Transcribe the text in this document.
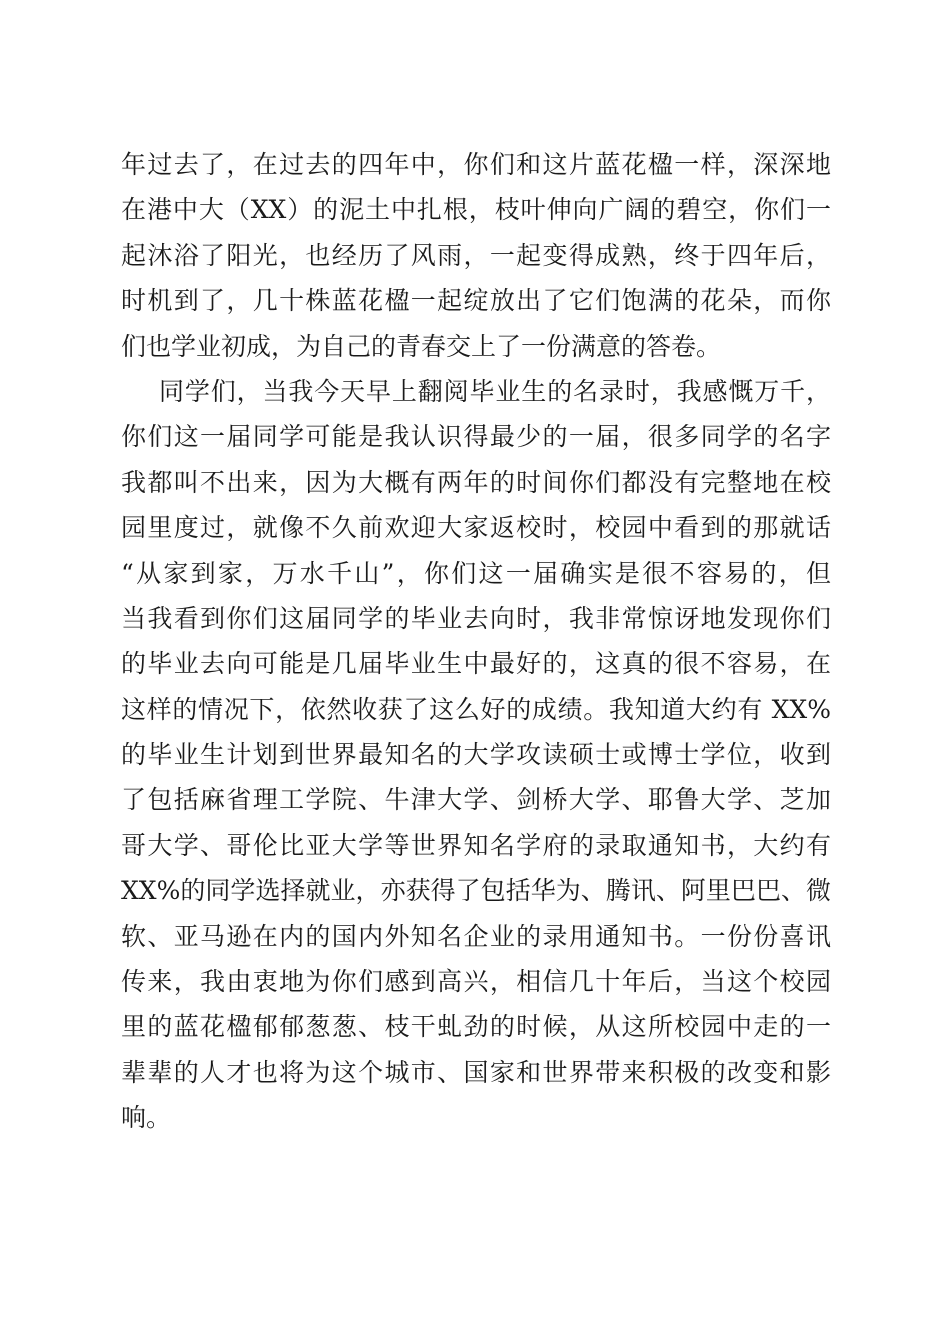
年过去了，在过去的四年中，你们和这片蓝花楹一样，深深地
在港中大（XX）的泥土中扎根，枝叶伸向广阔的碧空，你们一
起沐浴了阳光，也经历了风雨，一起变得成熟，终于四年后，
时机到了，几十株蓝花楹一起绽放出了它们饱满的花朵，而你
们也学业初成，为自己的青春交上了一份满意的答卷。
同学们，当我今天早上翻阅毕业生的名录时，我感慨万千，
你们这一届同学可能是我认识得最少的一届，很多同学的名字
我都叫不出来，因为大概有两年的时间你们都没有完整地在校
园里度过，就像不久前欢迎大家返校时，校园中看到的那就话
“从家到家，万水千山”，你们这一届确实是很不容易的，但
当我看到你们这届同学的毕业去向时，我非常惊讶地发现你们
的毕业去向可能是几届毕业生中最好的，这真的很不容易，在
这样的情况下，依然收获了这么好的成绩。我知道大约有 XX%
的毕业生计划到世界最知名的大学攻读硕士或博士学位，收到
了包括麻省理工学院、牛津大学、剑桥大学、耶鲁大学、芝加
哥大学、哥伦比亚大学等世界知名学府的录取通知书，大约有
XX%的同学选择就业，亦获得了包括华为、腾讯、阿里巴巴、微
软、亚马逊在内的国内外知名企业的录用通知书。一份份喜讯
传来，我由衷地为你们感到高兴，相信几十年后，当这个校园
里的蓝花楹郁郁葱葱、枝干虬劲的时候，从这所校园中走的一
辈辈的人才也将为这个城市、国家和世界带来积极的改变和影
响。
